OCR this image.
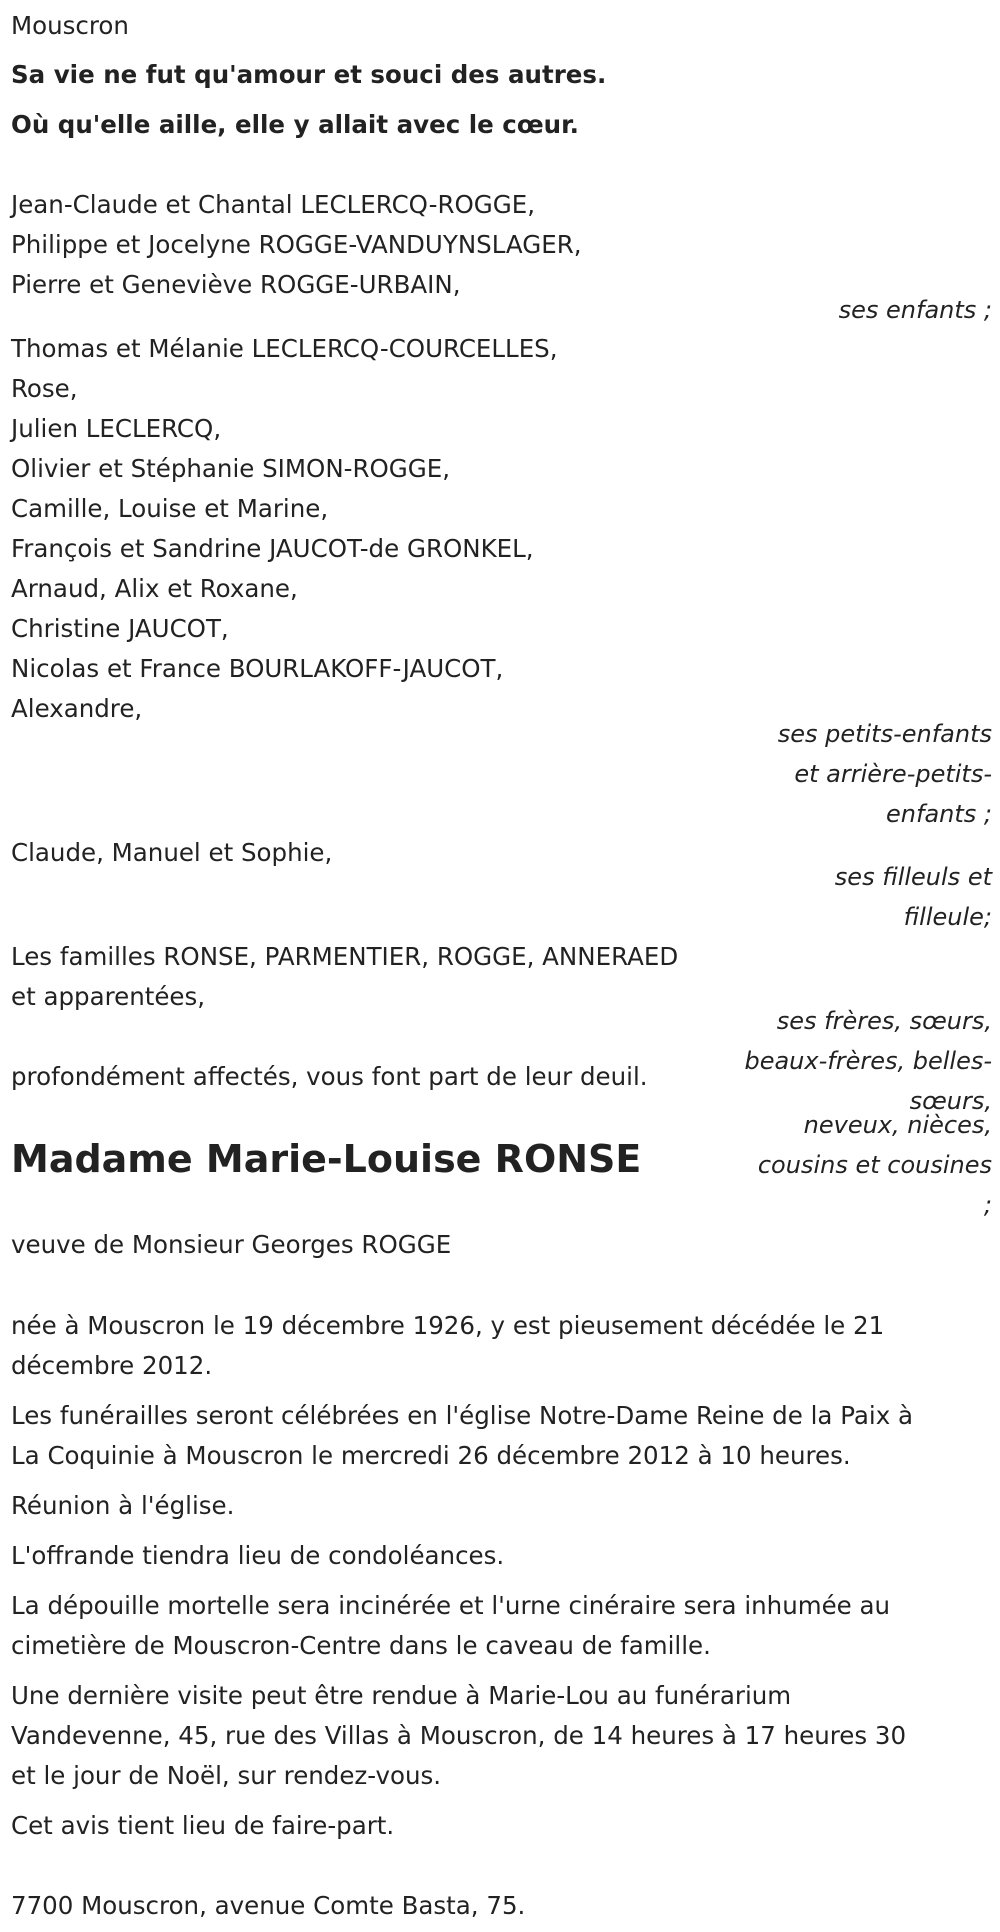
Mouscron

Sa vie ne fut qu'amour et souci des autres.

Où qu'elle aille, elle y allait avec le cœur.

Jean-Claude et Chantal LECLERCQ-ROGGE,

Philippe et Jocelyne ROGGE-VANDUYNSLAGER,

Pierre et Geneviève ROGGE-URBAIN,

ses enfants ;

Thomas et Mélanie LECLERCQ-COURCELLES,

Rose,

Julien LECLERCQ,

Olivier et Stéphanie SIMON-ROGGE,

Camille, Louise et Marine,

François et Sandrine JAUCOT-de GRONKEL,

Arnaud, Alix et Roxane,

Christine JAUCOT,

Nicolas et France BOURLAKOFF-JAUCOT,

Alexandre,

ses petits-enfants
et arrière-petits-
enfants ;

Claude, Manuel et Sophie,

ses filleuls et
filleule;

Les familles RONSE, PARMENTIER, ROGGE, ANNERAED

et apparentées,

ses frères, sœurs,
beaux-frères, belles-
sœurs,
neveux, nièces,
cousins et cousines
;

profondément affectés, vous font part de leur deuil.

Madame Marie-Louise RONSE

veuve de Monsieur Georges ROGGE

née à Mouscron le 19 décembre 1926, y est pieusement décédée le 21

décembre 2012.

Les funérailles seront célébrées en l'église Notre-Dame Reine de la Paix à

La Coquinie à Mouscron le mercredi 26 décembre 2012 à 10 heures.

Réunion à l'église.

L'offrande tiendra lieu de condoléances.

La dépouille mortelle sera incinérée et l'urne cinéraire sera inhumée au

cimetière de Mouscron-Centre dans le caveau de famille.

Une dernière visite peut être rendue à Marie-Lou au funérarium

Vandevenne, 45, rue des Villas à Mouscron, de 14 heures à 17 heures 30

et le jour de Noël, sur rendez-vous.

Cet avis tient lieu de faire-part.

7700 Mouscron, avenue Comte Basta, 75.
